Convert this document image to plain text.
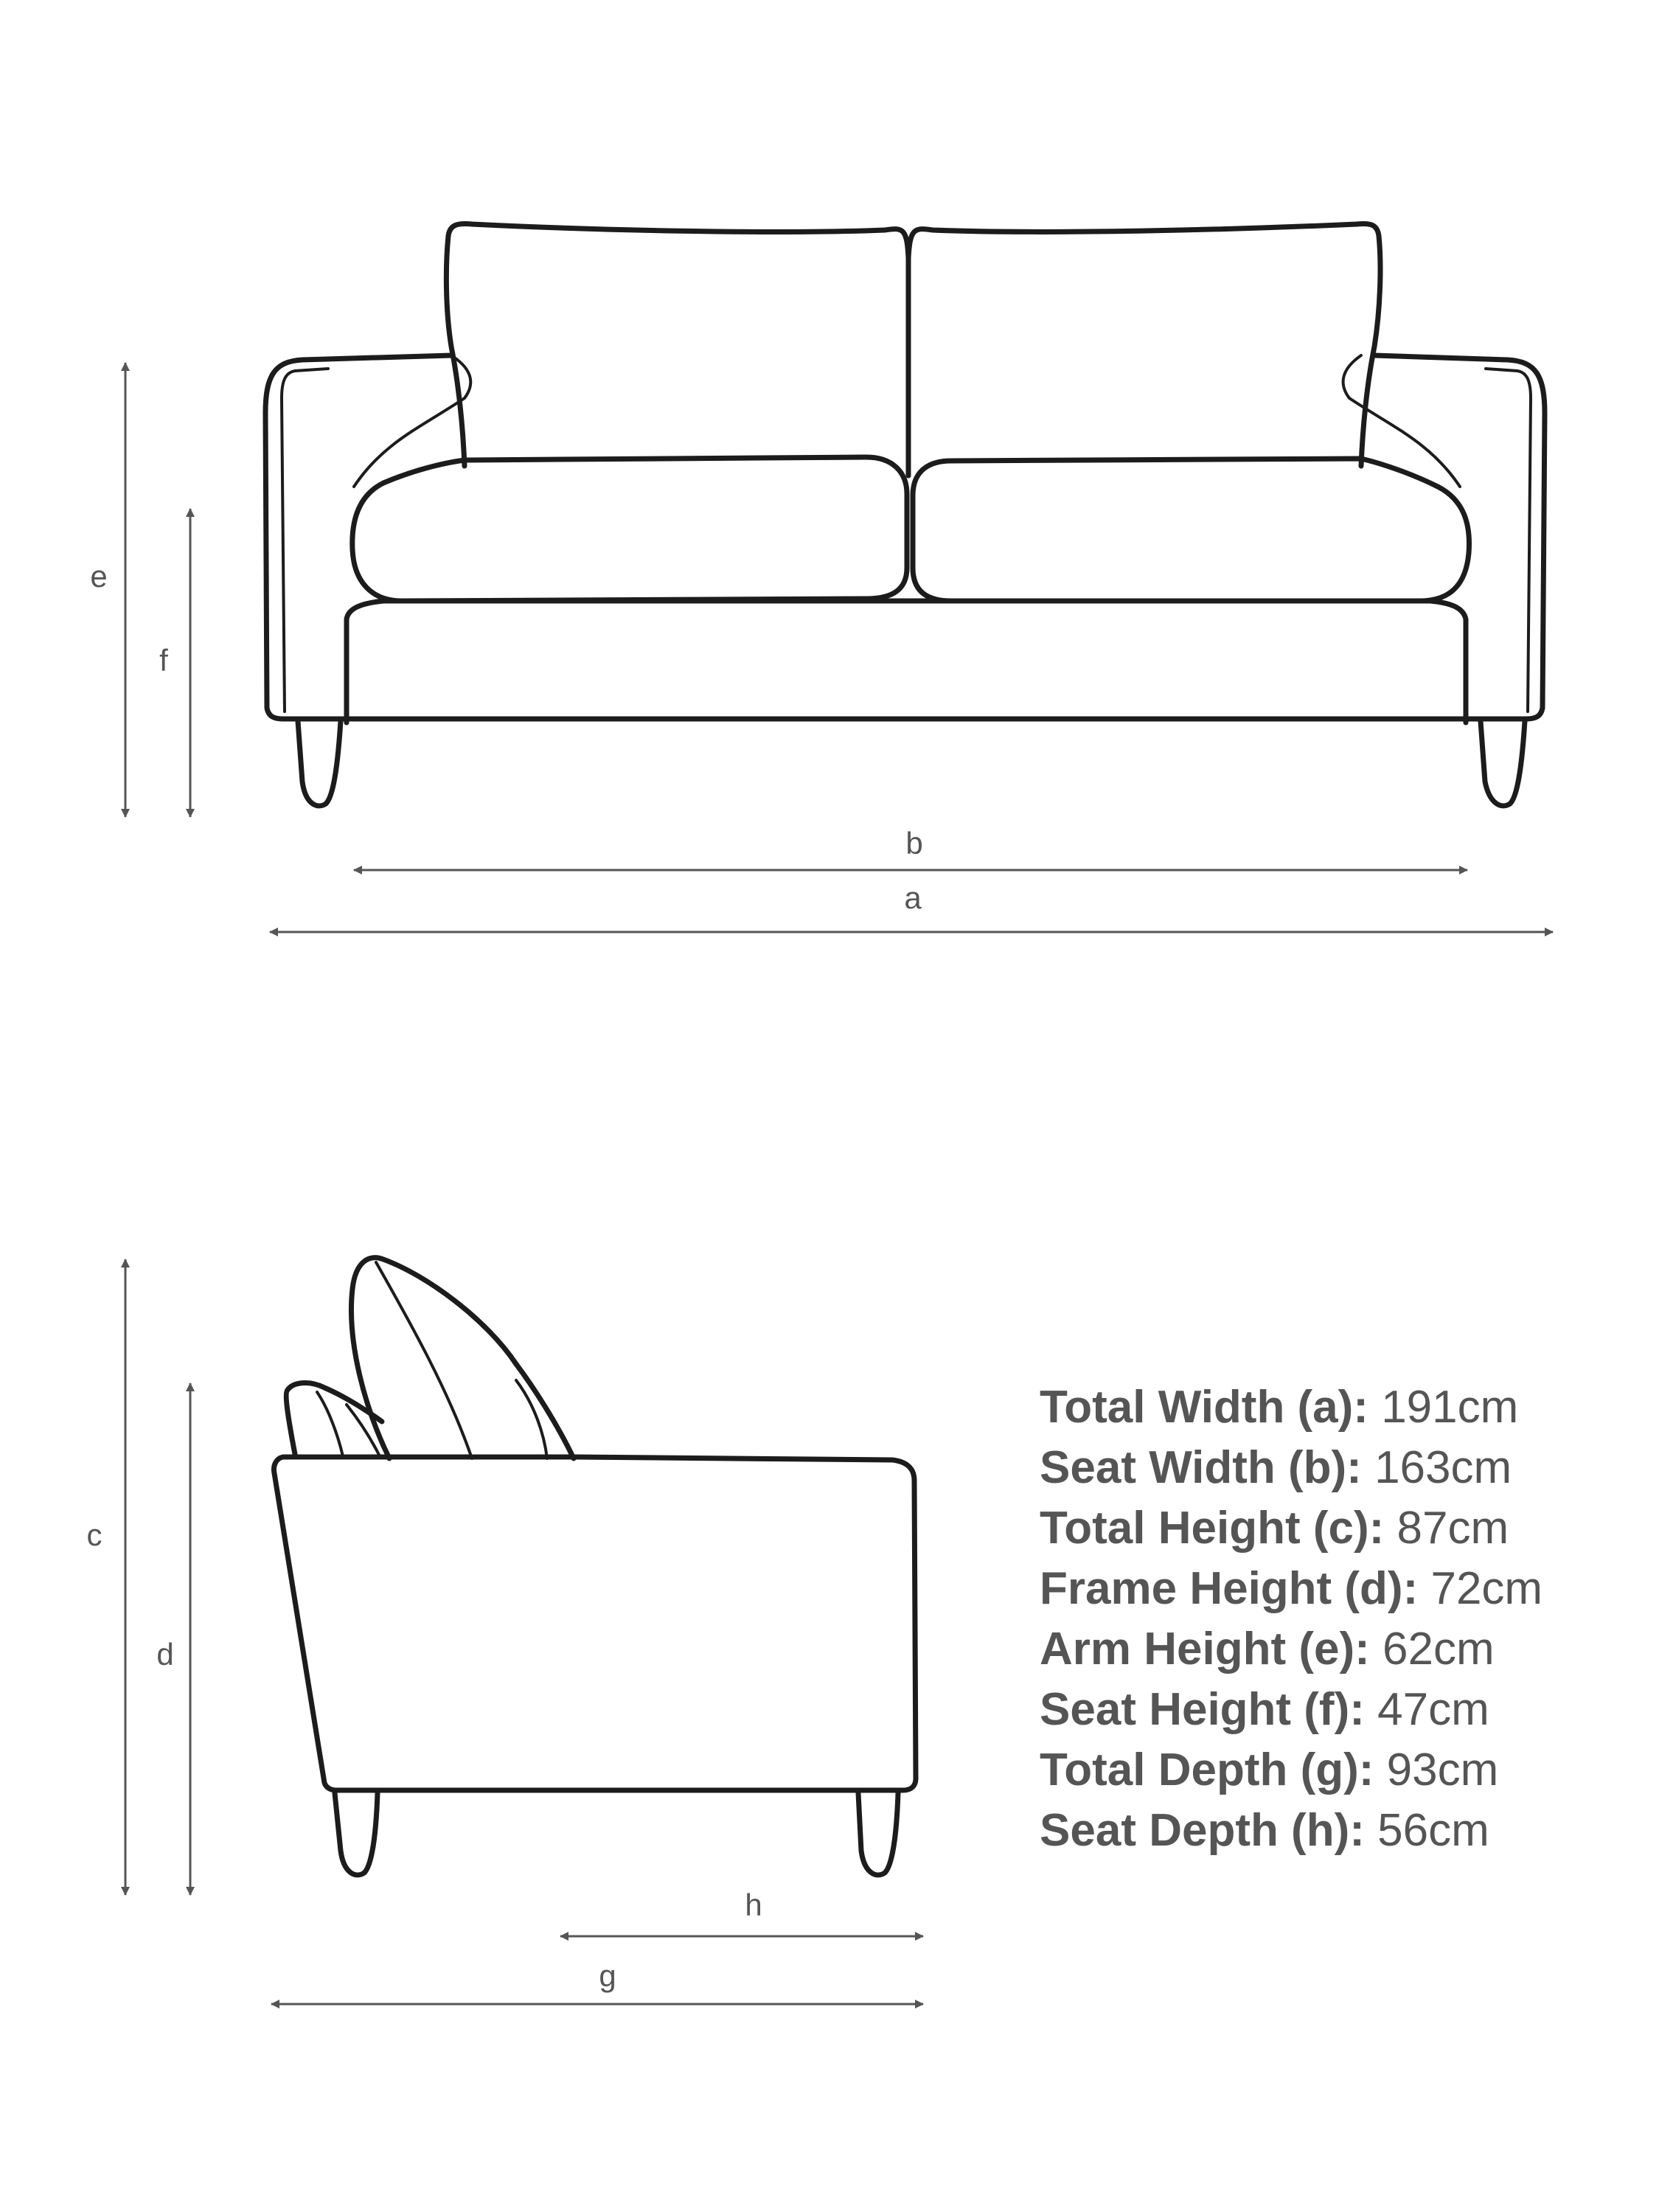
e
f
b
a
c
d
h
g
Total Width (a): 191cm
Seat Width (b): 163cm
Total Height (c): 87cm
Frame Height (d): 72cm
Arm Height (e): 62cm
Seat Height (f): 47cm
Total Depth (g): 93cm
Seat Depth (h): 56cm
